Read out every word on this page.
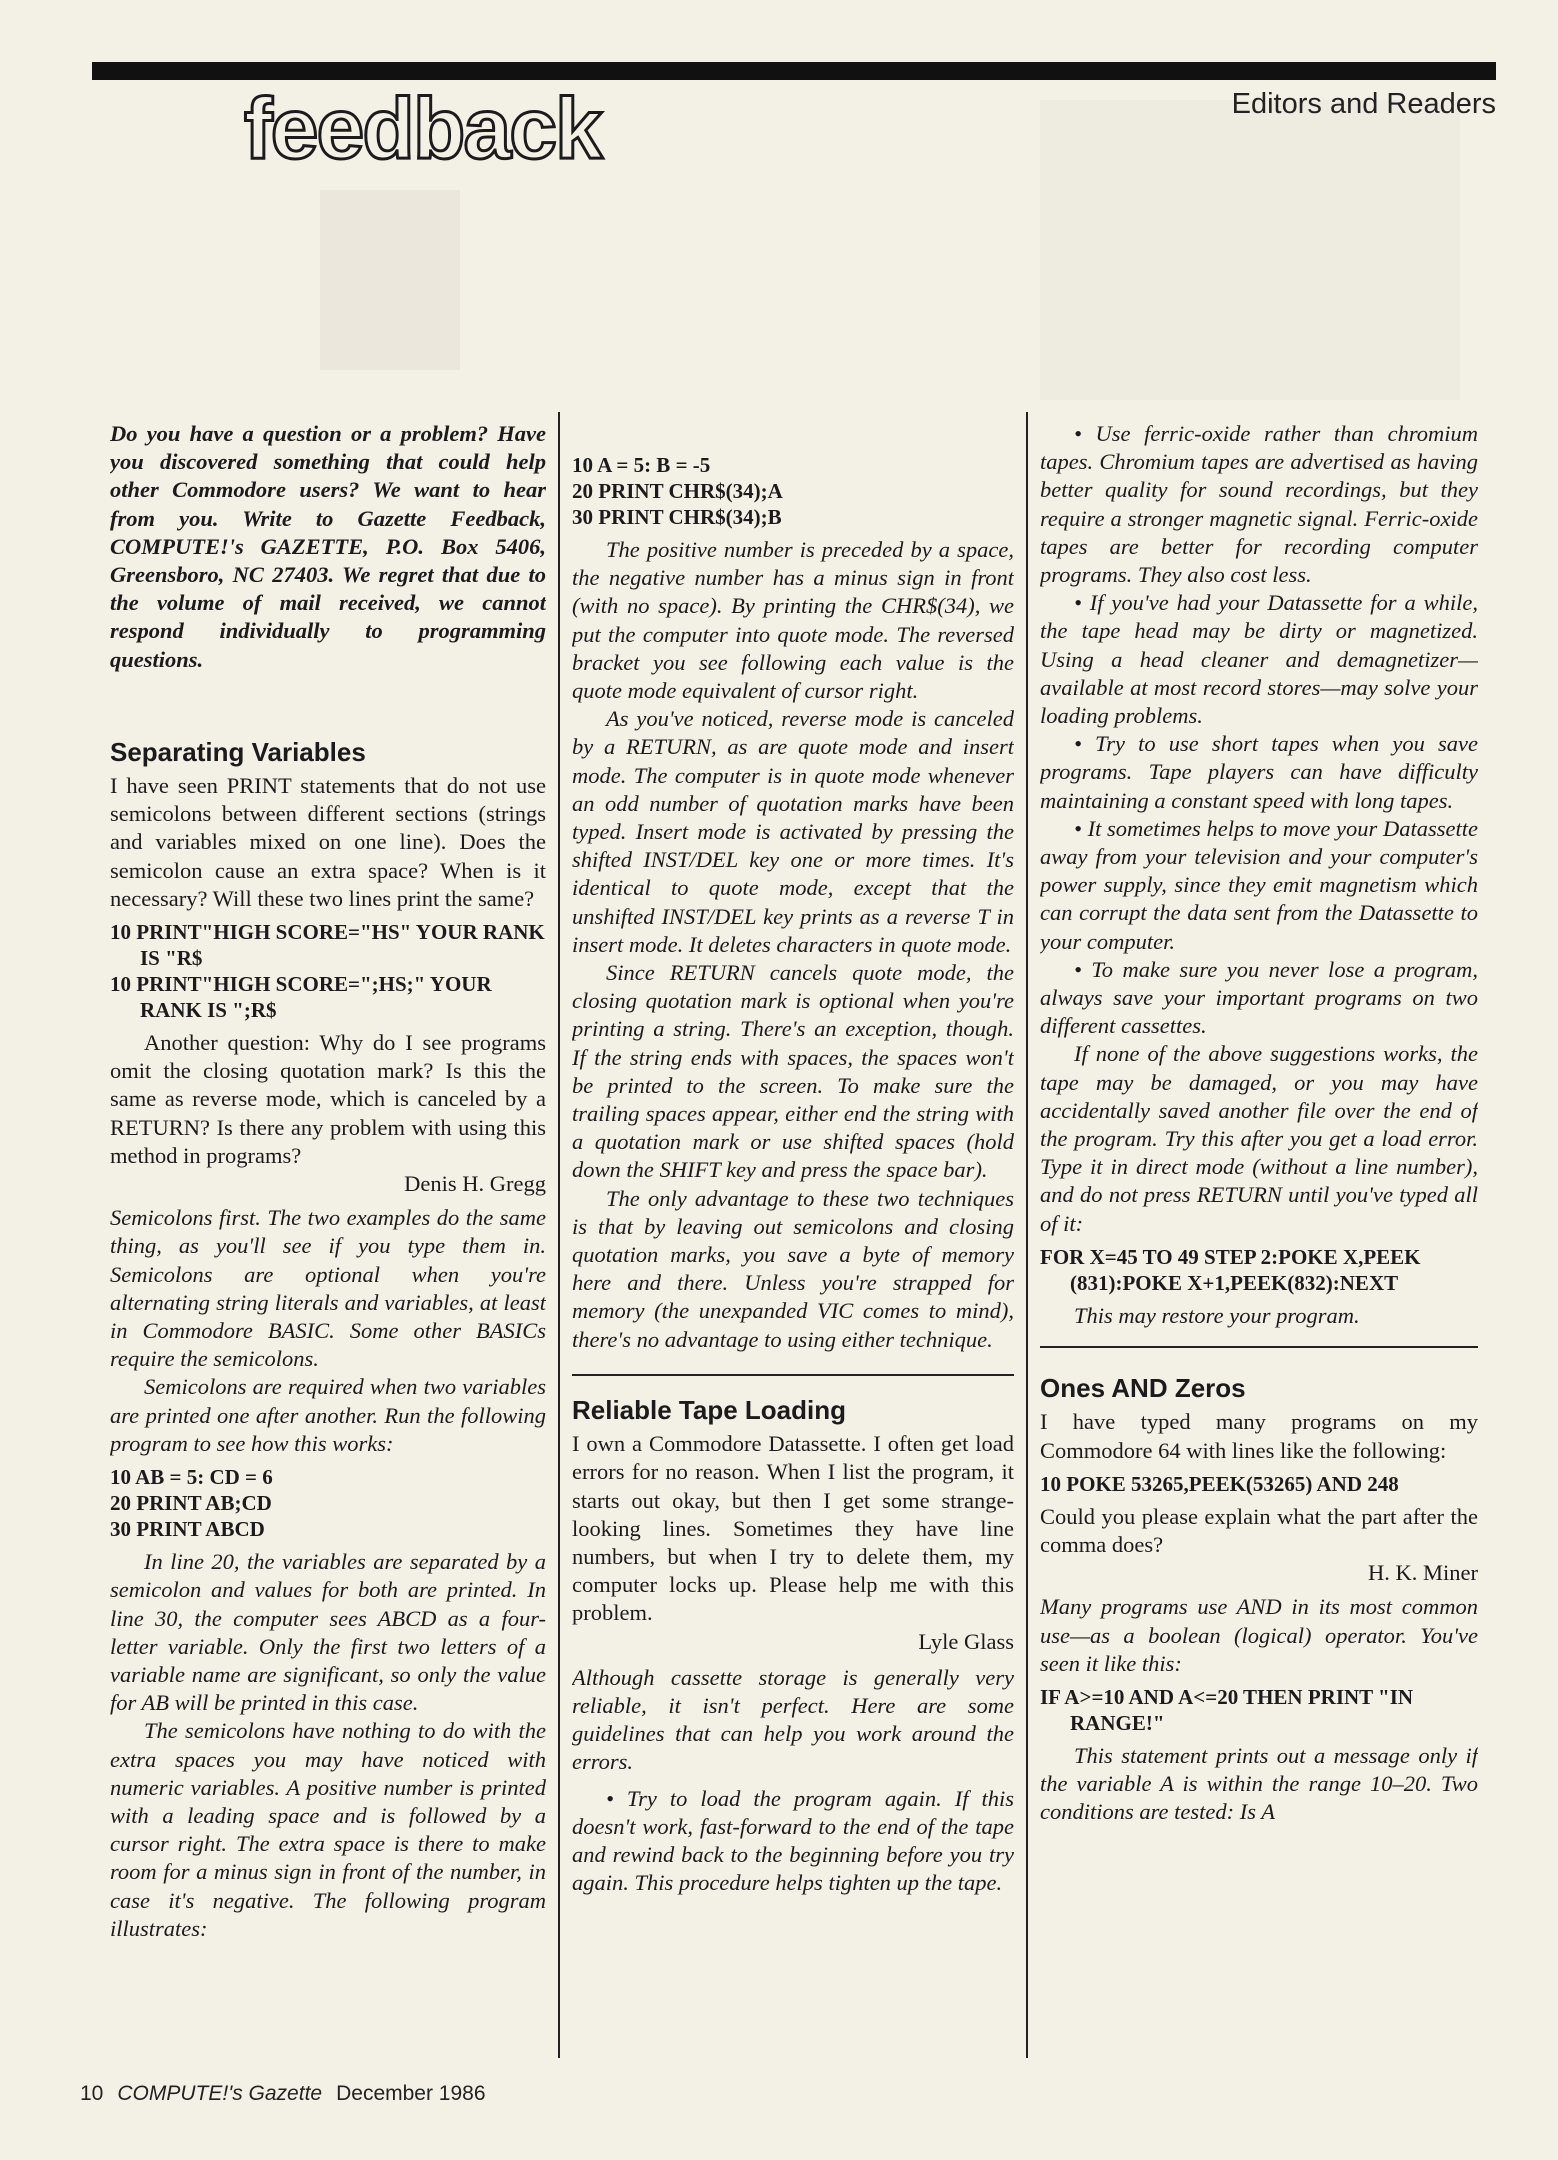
feedback	Editors and Readers

Do you have a question or a problem? Have you discovered something that could help other Commodore users? We want to hear from you. Write to Gazette Feedback, COMPUTE!'s GAZETTE, P.O. Box 5406, Greensboro, NC 27403. We regret that due to the volume of mail received, we cannot respond individually to programming questions.

Separating Variables

I have seen PRINT statements that do not use semicolons between different sections (strings and variables mixed on one line). Does the semicolon cause an extra space? When is it necessary? Will these two lines print the same?

10 PRINT"HIGH SCORE="HS" YOUR RANK IS "R$
10 PRINT"HIGH SCORE=";HS;" YOUR RANK IS ";R$

Another question: Why do I see programs omit the closing quotation mark? Is this the same as reverse mode, which is canceled by a RETURN? Is there any problem with using this method in programs?

Denis H. Gregg

Semicolons first. The two examples do the same thing, as you'll see if you type them in. Semicolons are optional when you're alternating string literals and variables, at least in Commodore BASIC. Some other BASICs require the semicolons.

Semicolons are required when two variables are printed one after another. Run the following program to see how this works:

10 AB = 5: CD = 6
20 PRINT AB;CD
30 PRINT ABCD

In line 20, the variables are separated by a semicolon and values for both are printed. In line 30, the computer sees ABCD as a four-letter variable. Only the first two letters of a variable name are significant, so only the value for AB will be printed in this case.

The semicolons have nothing to do with the extra spaces you may have noticed with numeric variables. A positive number is printed with a leading space and is followed by a cursor right. The extra space is there to make room for a minus sign in front of the number, in case it's negative. The following program illustrates:

10 A = 5: B = -5
20 PRINT CHR$(34);A
30 PRINT CHR$(34);B

The positive number is preceded by a space, the negative number has a minus sign in front (with no space). By printing the CHR$(34), we put the computer into quote mode. The reversed bracket you see following each value is the quote mode equivalent of cursor right.

As you've noticed, reverse mode is canceled by a RETURN, as are quote mode and insert mode. The computer is in quote mode whenever an odd number of quotation marks have been typed. Insert mode is activated by pressing the shifted INST/DEL key one or more times. It's identical to quote mode, except that the unshifted INST/DEL key prints as a reverse T in insert mode. It deletes characters in quote mode.

Since RETURN cancels quote mode, the closing quotation mark is optional when you're printing a string. There's an exception, though. If the string ends with spaces, the spaces won't be printed to the screen. To make sure the trailing spaces appear, either end the string with a quotation mark or use shifted spaces (hold down the SHIFT key and press the space bar).

The only advantage to these two techniques is that by leaving out semicolons and closing quotation marks, you save a byte of memory here and there. Unless you're strapped for memory (the unexpanded VIC comes to mind), there's no advantage to using either technique.

Reliable Tape Loading

I own a Commodore Datassette. I often get load errors for no reason. When I list the program, it starts out okay, but then I get some strange-looking lines. Sometimes they have line numbers, but when I try to delete them, my computer locks up. Please help me with this problem.

Lyle Glass

Although cassette storage is generally very reliable, it isn't perfect. Here are some guidelines that can help you work around the errors.

• Try to load the program again. If this doesn't work, fast-forward to the end of the tape and rewind back to the beginning before you try again. This procedure helps tighten up the tape.

• Use ferric-oxide rather than chromium tapes. Chromium tapes are advertised as having better quality for sound recordings, but they require a stronger magnetic signal. Ferric-oxide tapes are better for recording computer programs. They also cost less.

• If you've had your Datassette for a while, the tape head may be dirty or magnetized. Using a head cleaner and demagnetizer—available at most record stores—may solve your loading problems.

• Try to use short tapes when you save programs. Tape players can have difficulty maintaining a constant speed with long tapes.

• It sometimes helps to move your Datassette away from your television and your computer's power supply, since they emit magnetism which can corrupt the data sent from the Datassette to your computer.

• To make sure you never lose a program, always save your important programs on two different cassettes.

If none of the above suggestions works, the tape may be damaged, or you may have accidentally saved another file over the end of the program. Try this after you get a load error. Type it in direct mode (without a line number), and do not press RETURN until you've typed all of it:

FOR X=45 TO 49 STEP 2:POKE X,PEEK (831):POKE X+1,PEEK(832):NEXT

This may restore your program.

Ones AND Zeros

I have typed many programs on my Commodore 64 with lines like the following:

10 POKE 53265,PEEK(53265) AND 248

Could you please explain what the part after the comma does?

H. K. Miner

Many programs use AND in its most common use—as a boolean (logical) operator. You've seen it like this:

IF A>=10 AND A<=20 THEN PRINT "IN RANGE!"

This statement prints out a message only if the variable A is within the range 10–20. Two conditions are tested: Is A

10 COMPUTE!'s Gazette December 1986
